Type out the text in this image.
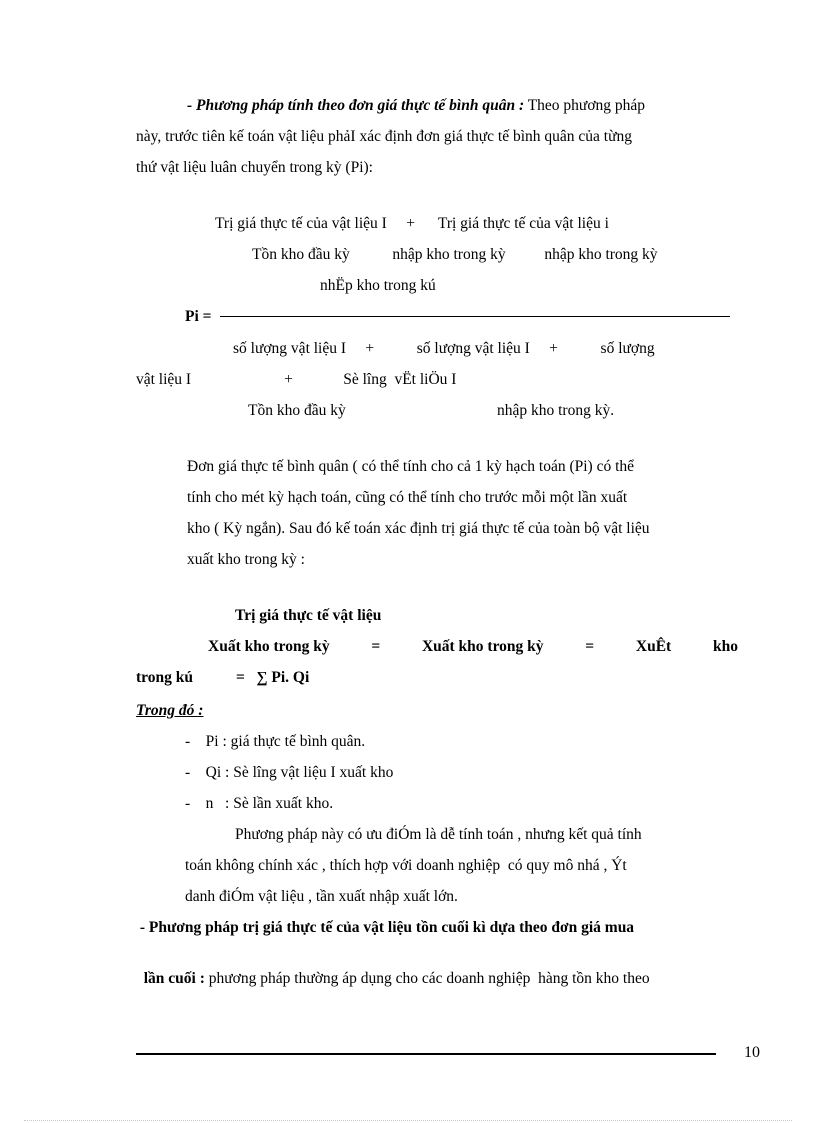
- Phương pháp tính theo đơn giá thực tế bình quân : Theo phương pháp
này, trước tiên kế toán vật liệu phảI xác định đơn giá thực tế bình quân của từng
thứ vật liệu luân chuyển trong kỳ (Pi):
Trị giá thực tế của vật liệu I     +      Trị giá thực tế của vật liệu i
Tồn kho đầu kỳ           nhập kho trong kỳ          nhập kho trong kỳ
nhËp kho trong kú
Pi =
số lượng vật liệu I     +           số lượng vật liệu I     +           số lượng
vật liệu I                        +             Sè lîng  vËt liÖu I
Tồn kho đầu kỳ	nhập kho trong kỳ.
Đơn giá thực tế bình quân ( có thể tính cho cả 1 kỳ hạch toán (Pi) có thể
tính cho mét kỳ hạch toán, cũng có thể tính cho trước mỗi một lần xuất
kho ( Kỳ ngắn). Sau đó kế toán xác định trị giá thực tế của toàn bộ vật liệu
xuất kho trong kỳ :
Trị giá thực tế vật liệu
Xuất kho trong kỳ	=	Xuất kho trong kỳ	=	XuÊt	kho
trong kú	=   ∑ Pi. Qi
Trong đó :
-    Pi : giá thực tế bình quân.
-    Qi : Sè lîng vật liệu I xuất kho
-    n   : Sè lần xuất kho.
Phương pháp này có ưu điÓm là dễ tính toán , nhưng kết quả tính
toán không chính xác , thích hợp với doanh nghiệp  có quy mô nhá , Ýt
danh điÓm vật liệu , tần xuất nhập xuất lớn.
- Phương pháp trị giá thực tế của vật liệu tồn cuối kì dựa theo đơn giá mua

lần cuối : phương pháp thường áp dụng cho các doanh nghiệp  hàng tồn kho theo

10
